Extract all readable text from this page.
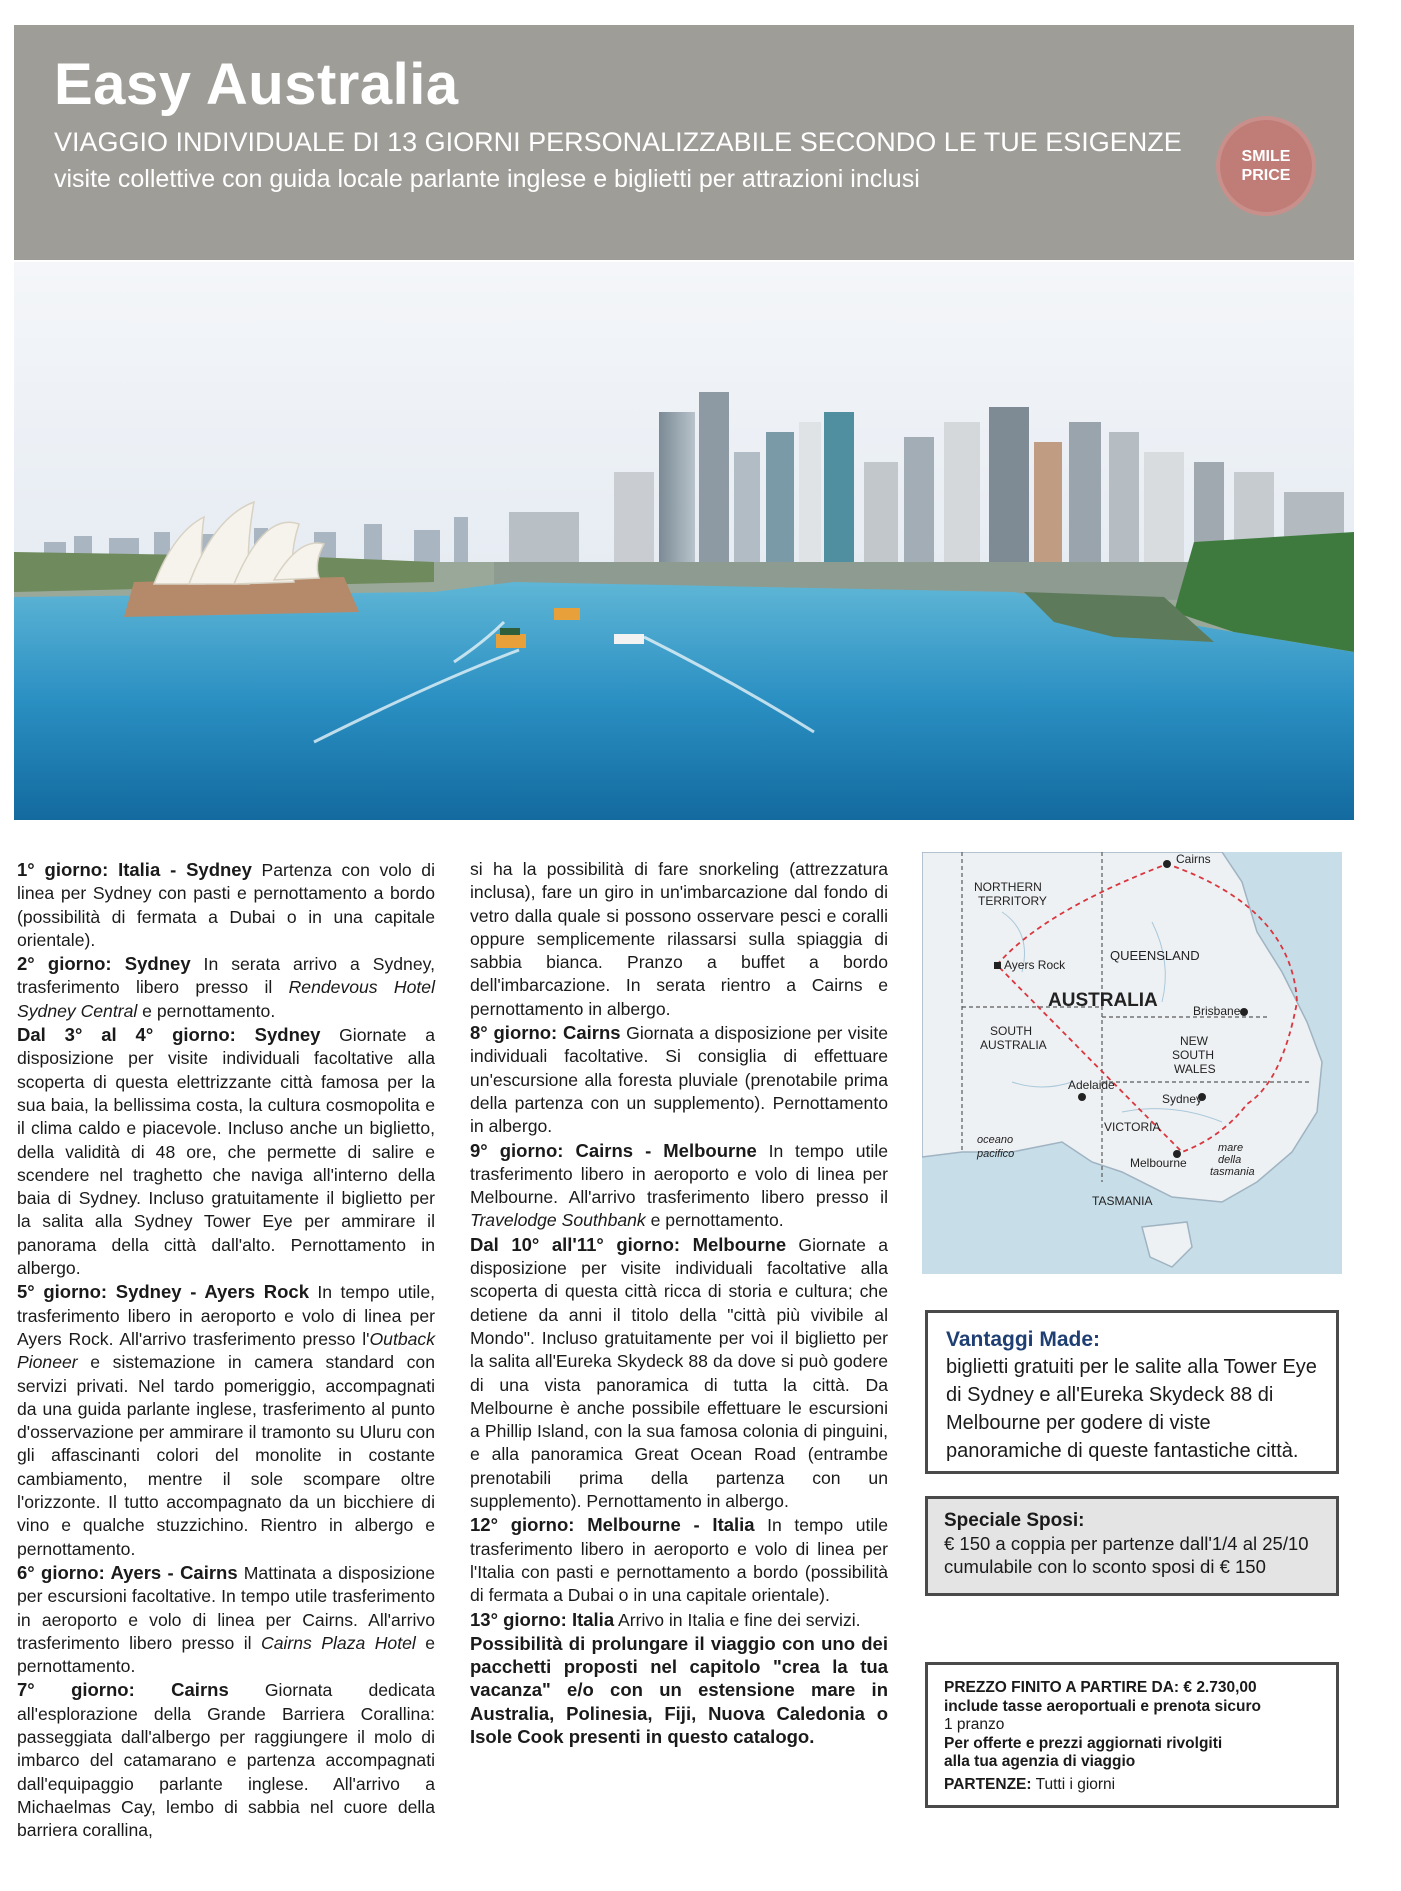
Easy Australia
VIAGGIO INDIVIDUALE DI 13 GIORNI PERSONALIZZABILE SECONDO LE TUE ESIGENZE
visite collettive con guida locale parlante inglese e biglietti per attrazioni inclusi
SMILE
PRICE

1° giorno: Italia - Sydney Partenza con volo di linea per Sydney con pasti e pernottamento a bordo (possibilità di fermata a Dubai o in una capitale orientale).

2° giorno: Sydney In serata arrivo a Sydney, trasferimento libero presso il Rendevous Hotel Sydney Central e pernottamento.

Dal 3° al 4° giorno: Sydney Giornate a disposizione per visite individuali facoltative alla scoperta di questa elettrizzante città famosa per la sua baia, la bellissima costa, la cultura cosmopolita e il clima caldo e piacevole. Incluso anche un biglietto, della validità di 48 ore, che permette di salire e scendere nel traghetto che naviga all'interno della baia di Sydney. Incluso gratuitamente il biglietto per la salita alla Sydney Tower Eye per ammirare il panorama della città dall'alto. Pernottamento in albergo.

5° giorno: Sydney - Ayers Rock In tempo utile, trasferimento libero in aeroporto e volo di linea per Ayers Rock. All'arrivo trasferimento presso l'Outback Pioneer e sistemazione in camera standard con servizi privati. Nel tardo pomeriggio, accompagnati da una guida parlante inglese, trasferimento al punto d'osservazione per ammirare il tramonto su Uluru con gli affascinanti colori del monolite in costante cambiamento, mentre il sole scompare oltre l'orizzonte. Il tutto accompagnato da un bicchiere di vino e qualche stuzzichino. Rientro in albergo e pernottamento.

6° giorno: Ayers - Cairns Mattinata a disposizione per escursioni facoltative. In tempo utile trasferimento in aeroporto e volo di linea per Cairns. All'arrivo trasferimento libero presso il Cairns Plaza Hotel e pernottamento.

7° giorno: Cairns Giornata dedicata all'esplorazione della Grande Barriera Corallina: passeggiata dall'albergo per raggiungere il molo di imbarco del catamarano e partenza accompagnati dall'equipaggio parlante inglese. All'arrivo a Michaelmas Cay, lembo di sabbia nel cuore della barriera corallina,

si ha la possibilità di fare snorkeling (attrezzatura inclusa), fare un giro in un'imbarcazione dal fondo di vetro dalla quale si possono osservare pesci e coralli oppure semplicemente rilassarsi sulla spiaggia di sabbia bianca. Pranzo a buffet a bordo dell'imbarcazione. In serata rientro a Cairns e pernottamento in albergo.

8° giorno: Cairns Giornata a disposizione per visite individuali facoltative. Si consiglia di effettuare un'escursione alla foresta pluviale (prenotabile prima della partenza con un supplemento). Pernottamento in albergo.

9° giorno: Cairns - Melbourne In tempo utile trasferimento libero in aeroporto e volo di linea per Melbourne. All'arrivo trasferimento libero presso il Travelodge Southbank e pernottamento.

Dal 10° all'11° giorno: Melbourne Giornate a disposizione per visite individuali facoltative alla scoperta di questa città ricca di storia e cultura; che detiene da anni il titolo della "città più vivibile al Mondo". Incluso gratuitamente per voi il biglietto per la salita all'Eureka Skydeck 88 da dove si può godere di una vista panoramica di tutta la città. Da Melbourne è anche possibile effettuare le escursioni a Phillip Island, con la sua famosa colonia di pinguini, e alla panoramica Great Ocean Road (entrambe prenotabili prima della partenza con un supplemento). Pernottamento in albergo.

12° giorno: Melbourne - Italia In tempo utile trasferimento libero in aeroporto e volo di linea per l'Italia con pasti e pernottamento a bordo (possibilità di fermata a Dubai o in una capitale orientale).

13° giorno: Italia Arrivo in Italia e fine dei servizi.

Possibilità di prolungare il viaggio con uno dei pacchetti proposti nel capitolo "crea la tua vacanza" e/o con un estensione mare in Australia, Polinesia, Fiji, Nuova Caledonia o Isole Cook presenti in questo catalogo.

Cairns
NORTHERN
TERRITORY
QUEENSLAND
Ayers Rock
AUSTRALIA	Brisbane
SOUTH
AUSTRALIA	NEW
SOUTH
WALES
Adelaide
Sydney
oceano
pacifico
VICTORIA
mare
della
tasmania
Melbourne
TASMANIA
Vantaggi Made:
biglietti gratuiti per le salite alla Tower Eye di Sydney e all'Eureka Skydeck 88 di Melbourne per godere di viste panoramiche di queste fantastiche città.
Speciale Sposi:
€ 150 a coppia per partenze dall'1/4 al 25/10
cumulabile con lo sconto sposi di € 150
PREZZO FINITO A PARTIRE DA: € 2.730,00
include tasse aeroportuali e prenota sicuro
1 pranzo
Per offerte e prezzi aggiornati rivolgiti
alla tua agenzia di viaggio
PARTENZE: Tutti i giorni
